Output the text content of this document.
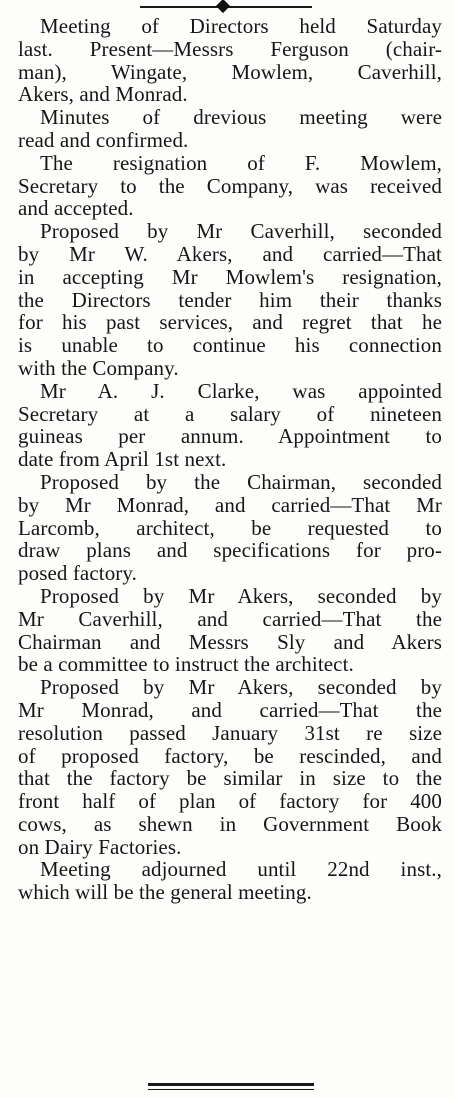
Meeting of Directors held Saturday
last. Present—Messrs Ferguson (chair-
man), Wingate, Mowlem, Caverhill,
Akers, and Monrad.
Minutes of drevious meeting were
read and confirmed.
The resignation of F. Mowlem,
Secretary to the Company, was received
and accepted.
Proposed by Mr Caverhill, seconded
by Mr W. Akers, and carried—That
in accepting Mr Mowlem's resignation,
the Directors tender him their thanks
for his past services, and regret that he
is unable to continue his connection
with the Company.
Mr A. J. Clarke, was appointed
Secretary at a salary of nineteen
guineas per annum. Appointment to
date from April 1st next.
Proposed by the Chairman, seconded
by Mr Monrad, and carried—That Mr
Larcomb, architect, be requested to
draw plans and specifications for pro-
posed factory.
Proposed by Mr Akers, seconded by
Mr Caverhill, and carried—That the
Chairman and Messrs Sly and Akers
be a committee to instruct the architect.
Proposed by Mr Akers, seconded by
Mr Monrad, and carried—That the
resolution passed January 31st re size
of proposed factory, be rescinded, and
that the factory be similar in size to the
front half of plan of factory for 400
cows, as shewn in Government Book
on Dairy Factories.
Meeting adjourned until 22nd inst.,
which will be the general meeting.
